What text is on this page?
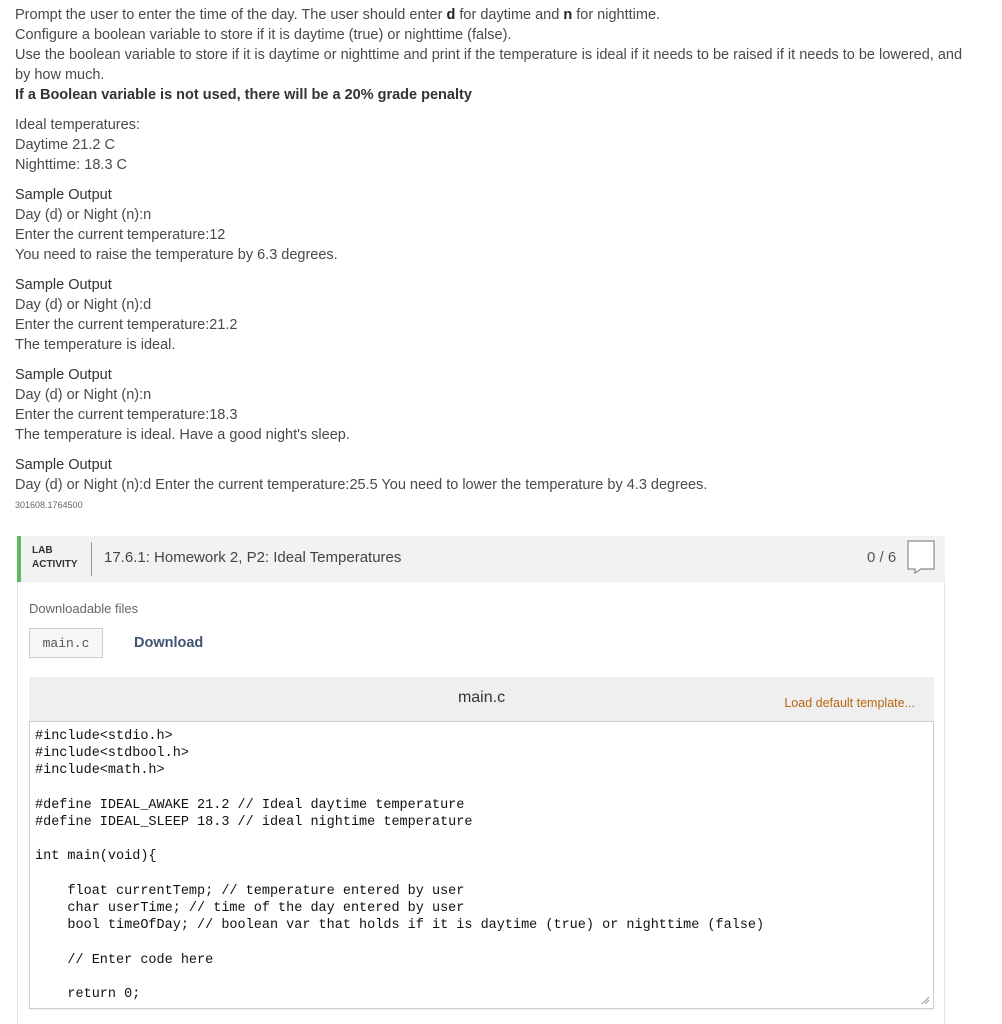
Prompt the user to enter the time of the day. The user should enter d for daytime and n for nighttime.

Configure a boolean variable to store if it is daytime (true) or nighttime (false).

Use the boolean variable to store if it is daytime or nighttime and print if the temperature is ideal if it needs to be raised if it needs to be lowered, and by how much.

If a Boolean variable is not used, there will be a 20% grade penalty

Ideal temperatures:

Daytime 21.2 C

Nighttime: 18.3 C

Sample Output

Day (d) or Night (n):n

Enter the current temperature:12

You need to raise the temperature by 6.3 degrees.

Sample Output

Day (d) or Night (n):d

Enter the current temperature:21.2

The temperature is ideal.

Sample Output

Day (d) or Night (n):n

Enter the current temperature:18.3

The temperature is ideal. Have a good night's sleep.

Sample Output

Day (d) or Night (n):d Enter the current temperature:25.5 You need to lower the temperature by 4.3 degrees.

301608.1764500

LAB
ACTIVITY 17.6.1: Homework 2, P2: Ideal Temperatures	0 / 6
Downloadable files
main.c	Download
main.c	Load default template...
#include<stdio.h>
#include<stdbool.h>
#include<math.h>

#define IDEAL_AWAKE 21.2 // Ideal daytime temperature
#define IDEAL_SLEEP 18.3 // ideal nightime temperature

int main(void){

float currentTemp; // temperature entered by user
char userTime; // time of the day entered by user
bool timeOfDay; // boolean var that holds if it is daytime (true) or nighttime (false)

// Enter code here

return 0;
